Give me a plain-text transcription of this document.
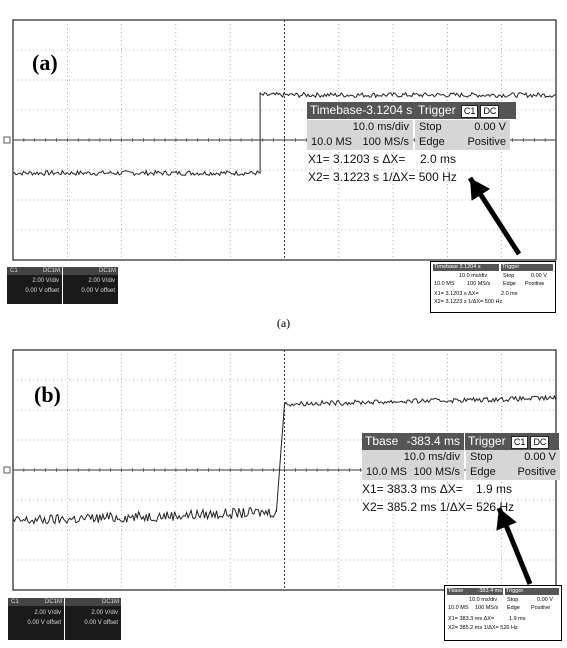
(a)
Timebase-3.1204 s Trigger C1 DC
10.0 ms/div
10.0 MS 100 MS/s
Stop	0.00 V
Edge Positive
X1= 3.1203 s ΔX= 2.0 ms
X2= 3.1223 s 1/ΔX= 500 Hz
Timebase 3.1204 s	Trigger
10.0 ms/div	Stop	0.00 V
10.0 MS 100 MS/s Edge Positive
X1= 3.1203 s ΔX=	2.0 ms
X2= 3.1223 s 1/ΔX= 500 Hz
C1	DC1M
2.00 V/div
0.00 V offset
DC1M
2.00 V/div
0.00 V offset
(a)
(b)
Tbase -383.4 ms Trigger C1 DC
10.0 ms/div
10.0 MS 100 MS/s
Stop	0.00 V
Edge Positive
X1= 383.3 ms ΔX= 1.9 ms
X2= 385.2 ms 1/ΔX= 526 Hz
Tbase	-383.4 ms Trigger
10.0 ms/div Stop	0.00 V
10.0 MS 100 MS/s Edge Positive
X1= 383.3 ms ΔX=	1.9 ms
X2= 385.2 ms 1/ΔX= 526 Hz
C1	DC1M
2.00 V/div
0.00 V offset
DC1M
2.00 V/div
0.00 V offset
